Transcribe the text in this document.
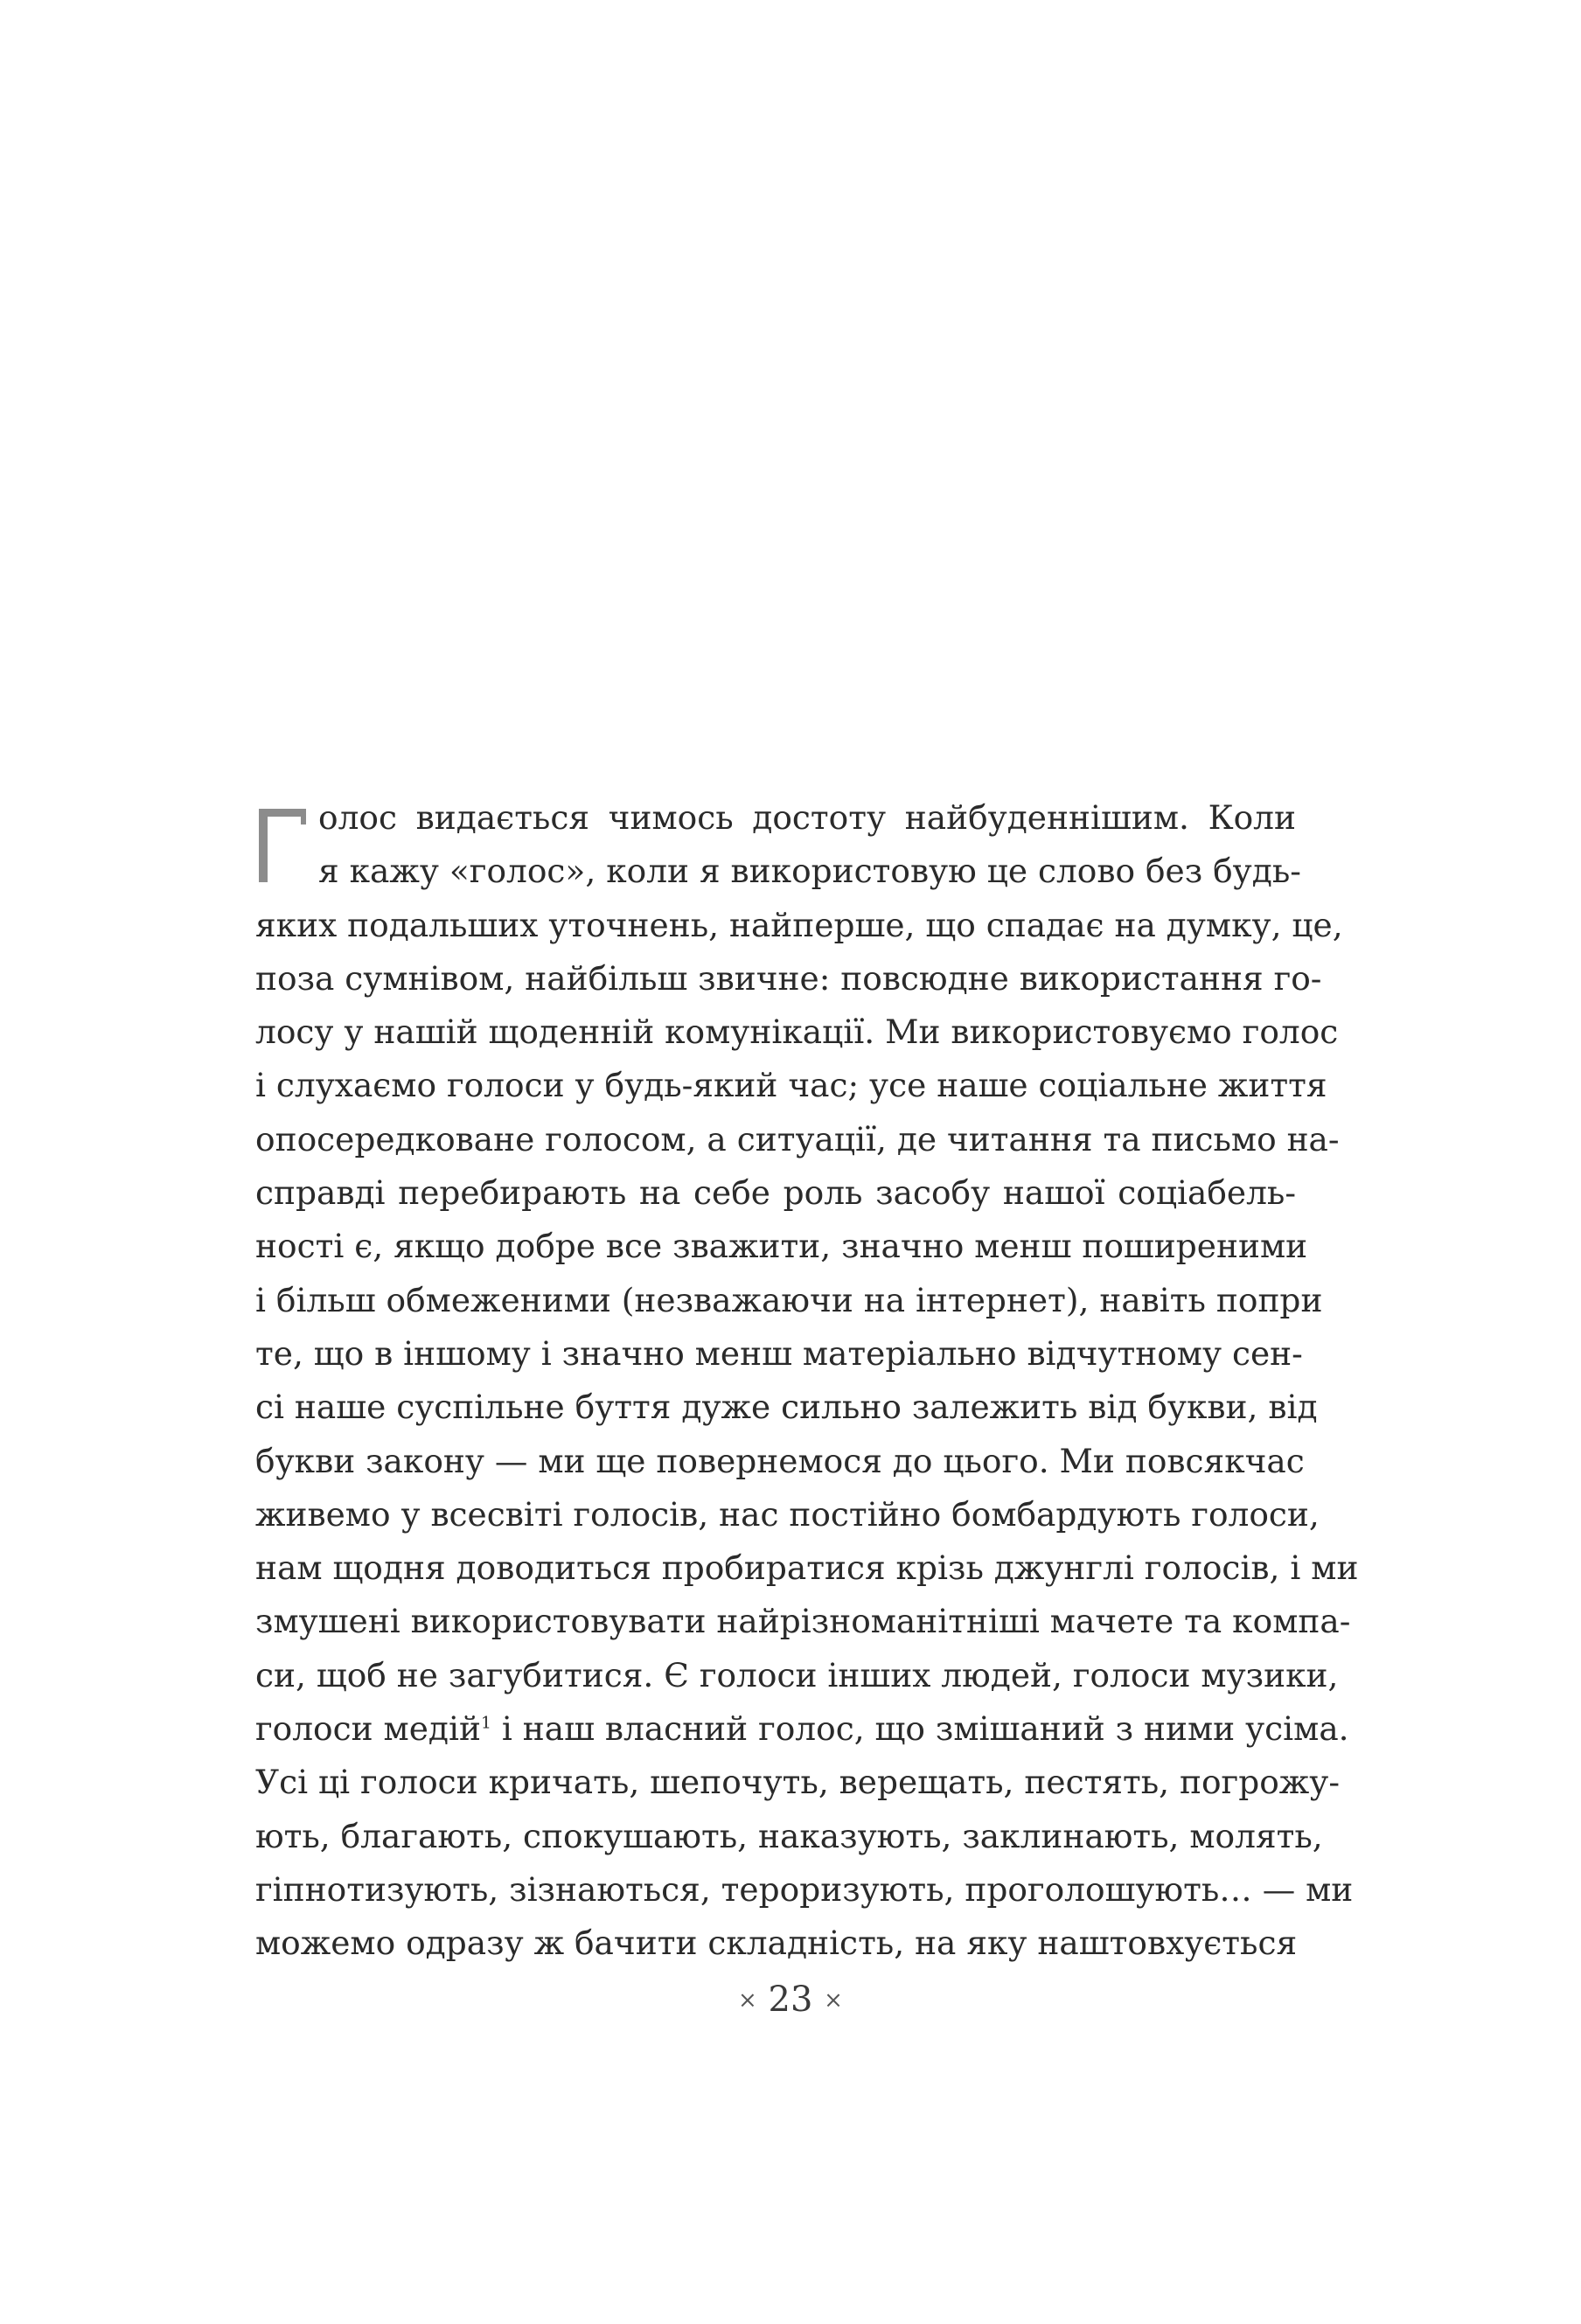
олос видається чимось достоту найбуденнішим. Коли
я кажу «голос», коли я використовую це слово без будь-
яких подальших уточнень, найперше, що спадає на думку, це,
поза сумнівом, найбільш звичне: повсюдне використання го-
лосу у нашій щоденній комунікації. Ми використовуємо голос
і слухаємо голоси у будь-який час; усе наше соціальне життя
опосередковане голосом, а ситуації, де читання та письмо на-
справді перебирають на себе роль засобу нашої соціабель-
ності є, якщо добре все зважити, значно менш поширеними
і більш обмеженими (незважаючи на інтернет), навіть попри
те, що в іншому і значно менш матеріально відчутному сен-
сі наше суспільне буття дуже сильно залежить від букви, від
букви закону — ми ще повернемося до цього. Ми повсякчас
живемо у всесвіті голосів, нас постійно бомбардують голоси,
нам щодня доводиться пробиратися крізь джунглі голосів, і ми
змушені використовувати найрізноманітніші мачете та компа-
си, щоб не загубитися. Є голоси інших людей, голоси музики,
голоси медій$^1$ і наш власний голос, що змішаний з ними усіма.
Усі ці голоси кричать, шепочуть, верещать, пестять, погрожу-
ють, благають, спокушають, наказують, заклинають, молять,
гіпнотизують, зізнаються, тероризують, проголошують… — ми
можемо одразу ж бачити складність, на яку наштовхується
× 23 ×
